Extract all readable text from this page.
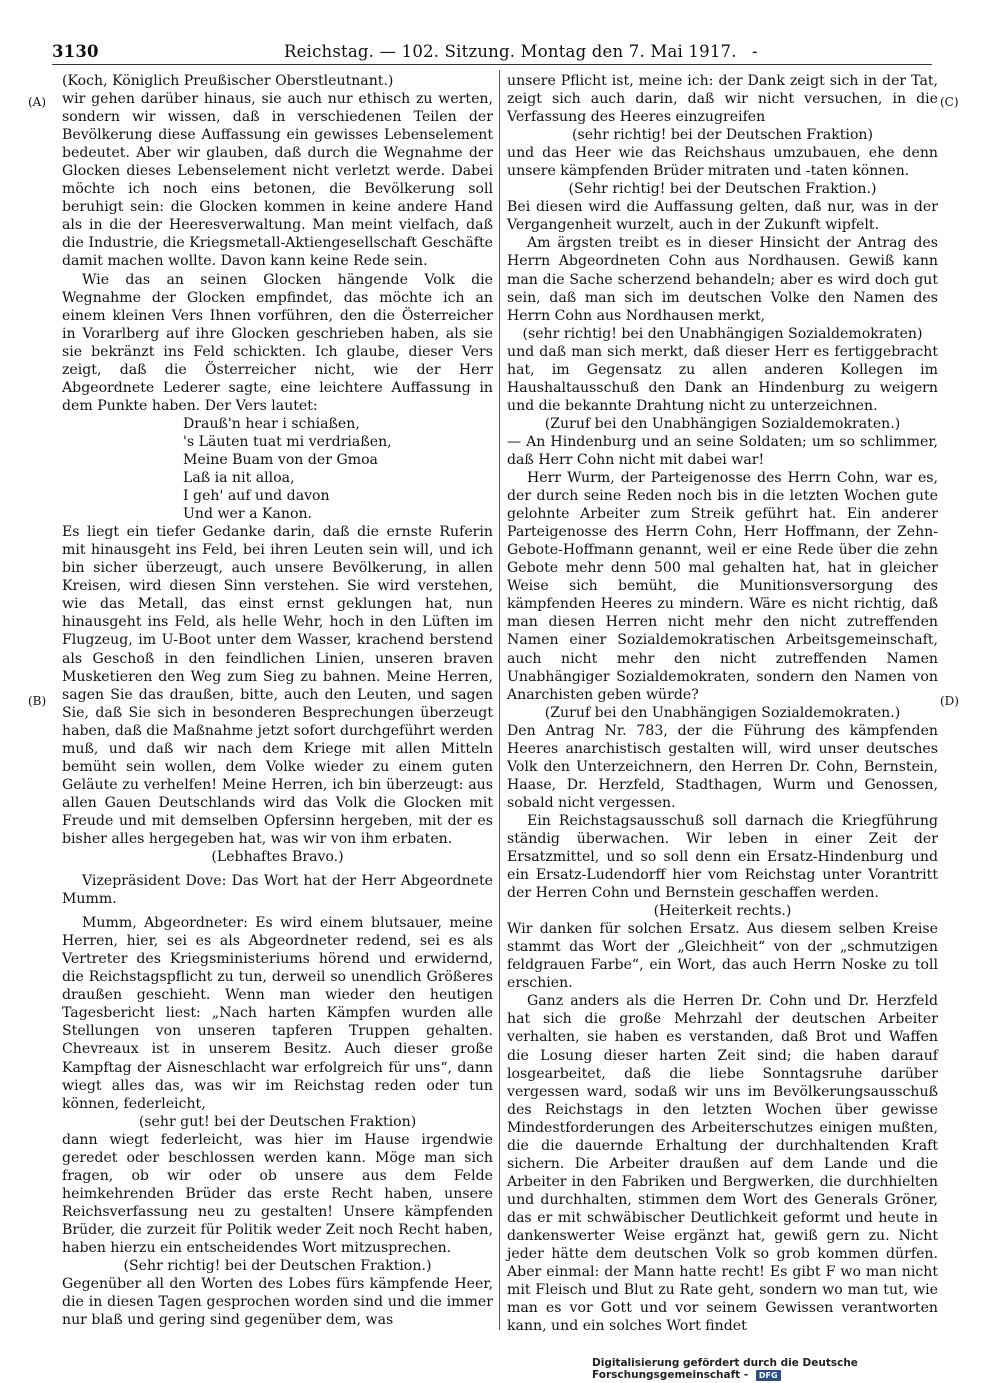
3130	Reichstag. — 102. Sitzung. Montag den 7. Mai 1917. -
(A)
(B)
(C)
(D)

(Koch, Königlich Preußischer Oberstleutnant.)

wir gehen darüber hinaus, sie auch nur ethisch zu werten, sondern wir wissen, daß in verschiedenen Teilen der Bevölkerung diese Auffassung ein gewisses Lebenselement bedeutet. Aber wir glauben, daß durch die Wegnahme der Glocken dieses Lebenselement nicht verletzt werde. Dabei möchte ich noch eins betonen, die Bevölkerung soll beruhigt sein: die Glocken kommen in keine andere Hand als in die der Heeresverwaltung. Man meint vielfach, daß die Industrie, die Kriegsmetall-Aktiengesellschaft Geschäfte damit machen wollte. Davon kann keine Rede sein.

Wie das an seinen Glocken hängende Volk die Wegnahme der Glocken empfindet, das möchte ich an einem kleinen Vers Ihnen vorführen, den die Österreicher in Vorarlberg auf ihre Glocken geschrieben haben, als sie sie bekränzt ins Feld schickten. Ich glaube, dieser Vers zeigt, daß die Österreicher nicht, wie der Herr Abgeordnete Lederer sagte, eine leichtere Auffassung in dem Punkte haben. Der Vers lautet:

Drauß'n hear i schiaßen,

's Läuten tuat mi verdriaßen,

Meine Buam von der Gmoa

Laß ia nit alloa,

I geh' auf und davon

Und wer a Kanon.

Es liegt ein tiefer Gedanke darin, daß die ernste Ruferin mit hinausgeht ins Feld, bei ihren Leuten sein will, und ich bin sicher überzeugt, auch unsere Bevölkerung, in allen Kreisen, wird diesen Sinn verstehen. Sie wird verstehen, wie das Metall, das einst ernst geklungen hat, nun hinausgeht ins Feld, als helle Wehr, hoch in den Lüften im Flugzeug, im U-Boot unter dem Wasser, krachend berstend als Geschoß in den feindlichen Linien, unseren braven Musketieren den Weg zum Sieg zu bahnen. Meine Herren, sagen Sie das draußen, bitte, auch den Leuten, und sagen Sie, daß Sie sich in besonderen Besprechungen überzeugt haben, daß die Maßnahme jetzt sofort durchgeführt werden muß, und daß wir nach dem Kriege mit allen Mitteln bemüht sein wollen, dem Volke wieder zu einem guten Geläute zu verhelfen! Meine Herren, ich bin überzeugt: aus allen Gauen Deutschlands wird das Volk die Glocken mit Freude und mit demselben Opfersinn hergeben, mit der es bisher alles hergegeben hat, was wir von ihm erbaten.

(Lebhaftes Bravo.)

Vizepräsident Dove: Das Wort hat der Herr Abgeordnete Mumm.

Mumm, Abgeordneter: Es wird einem blutsauer, meine Herren, hier, sei es als Abgeordneter redend, sei es als Vertreter des Kriegsministeriums hörend und erwidernd, die Reichstagspflicht zu tun, derweil so unendlich Größeres draußen geschieht. Wenn man wieder den heutigen Tagesbericht liest: „Nach harten Kämpfen wurden alle Stellungen von unseren tapferen Truppen gehalten. Chevreaux ist in unserem Besitz. Auch dieser große Kampftag der Aisneschlacht war erfolgreich für uns“, dann wiegt alles das, was wir im Reichstag reden oder tun können, federleicht,

(sehr gut! bei der Deutschen Fraktion)

dann wiegt federleicht, was hier im Hause irgendwie geredet oder beschlossen werden kann. Möge man sich fragen, ob wir oder ob unsere aus dem Felde heimkehrenden Brüder das erste Recht haben, unsere Reichsverfassung neu zu gestalten! Unsere kämpfenden Brüder, die zurzeit für Politik weder Zeit noch Recht haben, haben hierzu ein entscheidendes Wort mitzusprechen.

(Sehr richtig! bei der Deutschen Fraktion.)

Gegenüber all den Worten des Lobes fürs kämpfende Heer, die in diesen Tagen gesprochen worden sind und die immer nur blaß und gering sind gegenüber dem, was

unsere Pflicht ist, meine ich: der Dank zeigt sich in der Tat, zeigt sich auch darin, daß wir nicht versuchen, in die Verfassung des Heeres einzugreifen

(sehr richtig! bei der Deutschen Fraktion)

und das Heer wie das Reichshaus umzubauen, ehe denn unsere kämpfenden Brüder mitraten und -taten können.

(Sehr richtig! bei der Deutschen Fraktion.)

Bei diesen wird die Auffassung gelten, daß nur, was in der Vergangenheit wurzelt, auch in der Zukunft wipfelt.

Am ärgsten treibt es in dieser Hinsicht der Antrag des Herrn Abgeordneten Cohn aus Nordhausen. Gewiß kann man die Sache scherzend behandeln; aber es wird doch gut sein, daß man sich im deutschen Volke den Namen des Herrn Cohn aus Nordhausen merkt,

(sehr richtig! bei den Unabhängigen Sozialdemokraten)

und daß man sich merkt, daß dieser Herr es fertiggebracht hat, im Gegensatz zu allen anderen Kollegen im Haushaltausschuß den Dank an Hindenburg zu weigern und die bekannte Drahtung nicht zu unterzeichnen.

(Zuruf bei den Unabhängigen Sozialdemokraten.)

— An Hindenburg und an seine Soldaten; um so schlimmer, daß Herr Cohn nicht mit dabei war!

Herr Wurm, der Parteigenosse des Herrn Cohn, war es, der durch seine Reden noch bis in die letzten Wochen gute gelohnte Arbeiter zum Streik geführt hat. Ein anderer Parteigenosse des Herrn Cohn, Herr Hoffmann, der Zehn-Gebote-Hoffmann genannt, weil er eine Rede über die zehn Gebote mehr denn 500 mal gehalten hat, hat in gleicher Weise sich bemüht, die Munitionsversorgung des kämpfenden Heeres zu mindern. Wäre es nicht richtig, daß man diesen Herren nicht mehr den nicht zutreffenden Namen einer Sozialdemokratischen Arbeitsgemeinschaft, auch nicht mehr den nicht zutreffenden Namen Unabhängiger Sozialdemokraten, sondern den Namen von Anarchisten geben würde?

(Zuruf bei den Unabhängigen Sozialdemokraten.)

Den Antrag Nr. 783, der die Führung des kämpfenden Heeres anarchistisch gestalten will, wird unser deutsches Volk den Unterzeichnern, den Herren Dr. Cohn, Bernstein, Haase, Dr. Herzfeld, Stadthagen, Wurm und Genossen, sobald nicht vergessen.

Ein Reichstagsausschuß soll darnach die Kriegführung ständig überwachen. Wir leben in einer Zeit der Ersatzmittel, und so soll denn ein Ersatz-Hindenburg und ein Ersatz-Ludendorff hier vom Reichstag unter Vorantritt der Herren Cohn und Bernstein geschaffen werden.

(Heiterkeit rechts.)

Wir danken für solchen Ersatz. Aus diesem selben Kreise stammt das Wort der „Gleichheit“ von der „schmutzigen feldgrauen Farbe“, ein Wort, das auch Herrn Noske zu toll erschien.

Ganz anders als die Herren Dr. Cohn und Dr. Herzfeld hat sich die große Mehrzahl der deutschen Arbeiter verhalten, sie haben es verstanden, daß Brot und Waffen die Losung dieser harten Zeit sind; die haben darauf losgearbeitet, daß die liebe Sonntagsruhe darüber vergessen ward, sodaß wir uns im Bevölkerungsausschuß des Reichstags in den letzten Wochen über gewisse Mindestforderungen des Arbeiterschutzes einigen mußten, die die dauernde Erhaltung der durchhaltenden Kraft sichern. Die Arbeiter draußen auf dem Lande und die Arbeiter in den Fabriken und Bergwerken, die durchhielten und durchhalten, stimmen dem Wort des Generals Gröner, das er mit schwäbischer Deutlichkeit geformt und heute in dankenswerter Weise ergänzt hat, gewiß gern zu. Nicht jeder hätte dem deutschen Volk so grob kommen dürfen. Aber einmal: der Mann hatte recht! Es gibt F wo man nicht mit Fleisch und Blut zu Rate geht, sondern wo man tut, wie man es vor Gott und vor seinem Gewissen verantworten kann, und ein solches Wort findet

Digitalisierung gefördert durch die Deutsche Forschungsgemeinschaft - DFG
